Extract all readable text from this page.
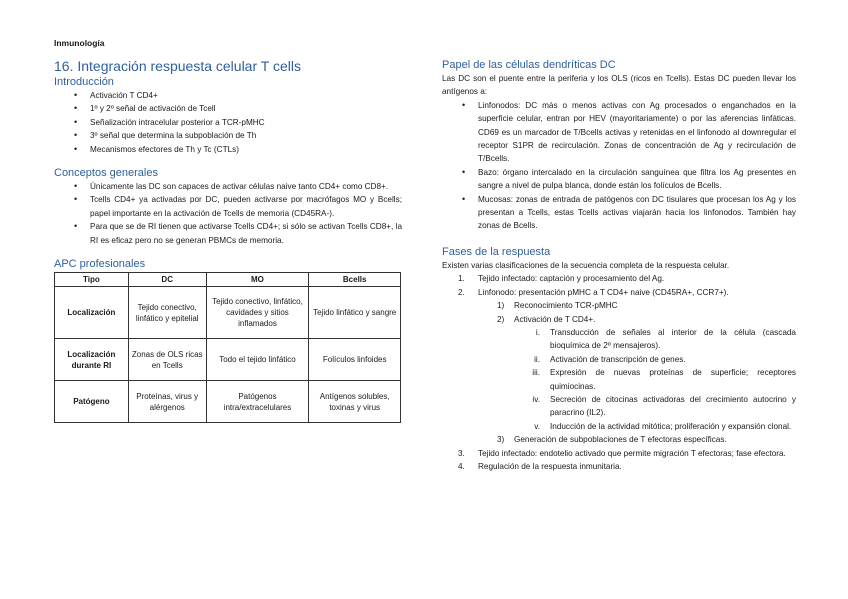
Inmunología
16. Integración respuesta celular T cells
Introducción
• Activación T CD4+
• 1º y 2º señal de activación de Tcell
• Señalización intracelular posterior a TCR-pMHC
• 3º señal que determina la subpoblación de Th
• Mecanismos efectores de Th y Tc (CTLs)
Conceptos generales
• Únicamente las DC son capaces de activar células naive tanto CD4+ como CD8+.
• Tcells CD4+ ya activadas por DC, pueden activarse por macrófagos MO y Bcells; papel importante en la activación de Tcells de memoria (CD45RA-).
• Para que se de RI tienen que activarse Tcells CD4+; si sólo se activan Tcells CD8+, la RI es eficaz pero no se generan PBMCs de memoria.
APC profesionales
Tipo	DC	MO	Bcells
Localización	Tejido conectivo, linfático y epitelial	Tejido conectivo, linfático, cavidades y sitios inflamados	Tejido linfático y sangre
Localización durante RI	Zonas de OLS ricas en Tcells	Todo el tejido linfático	Folículos linfoides
Patógeno	Proteínas, virus y alérgenos	Patógenos intra/extracelulares	Antígenos solubles, toxinas y virus
Papel de las células dendríticas DC
Las DC son el puente entre la periferia y los OLS (ricos en Tcells). Estas DC pueden llevar los antígenos a:
• Linfonodos: DC más o menos activas con Ag procesados o enganchados en la superficie celular, entran por HEV (mayoritariamente) o por las aferencias linfáticas. CD69 es un marcador de T/Bcells activas y retenidas en el linfonodo al downregular el receptor S1PR de recirculación. Zonas de concentración de Ag y recirculación de T/Bcells.
• Bazo: órgano intercalado en la circulación sanguínea que filtra los Ag presentes en sangre a nivel de pulpa blanca, donde están los folículos de Bcells.
• Mucosas: zonas de entrada de patógenos con DC tisulares que procesan los Ag y los presentan a Tcells, estas Tcells activas viajarán hacia los linfonodos. También hay zonas de Bcells.
Fases de la respuesta
Existen varias clasificaciones de la secuencia completa de la respuesta celular.
1.	Tejido infectado: captación y procesamiento del Ag.
2.	Linfonodo: presentación pMHC a T CD4+ naive (CD45RA+, CCR7+).
1)	Reconocimiento TCR-pMHC
2)	Activación de T CD4+.
i.	Transducción de señales al interior de la célula (cascada bioquímica de 2º mensajeros).
ii.	Activación de transcripción de genes.
iii.	Expresión de nuevas proteínas de superficie; receptores quimiocinas.
iv.	Secreción de citocinas activadoras del crecimiento autocrino y paracrino (IL2).
v.	Inducción de la actividad mitótica; proliferación y expansión clonal.
3)	Generación de subpoblaciones de T efectoras específicas.
3.	Tejido infectado: endotelio activado que permite migración T efectoras; fase efectora.
4.	Regulación de la respuesta inmunitaria.
